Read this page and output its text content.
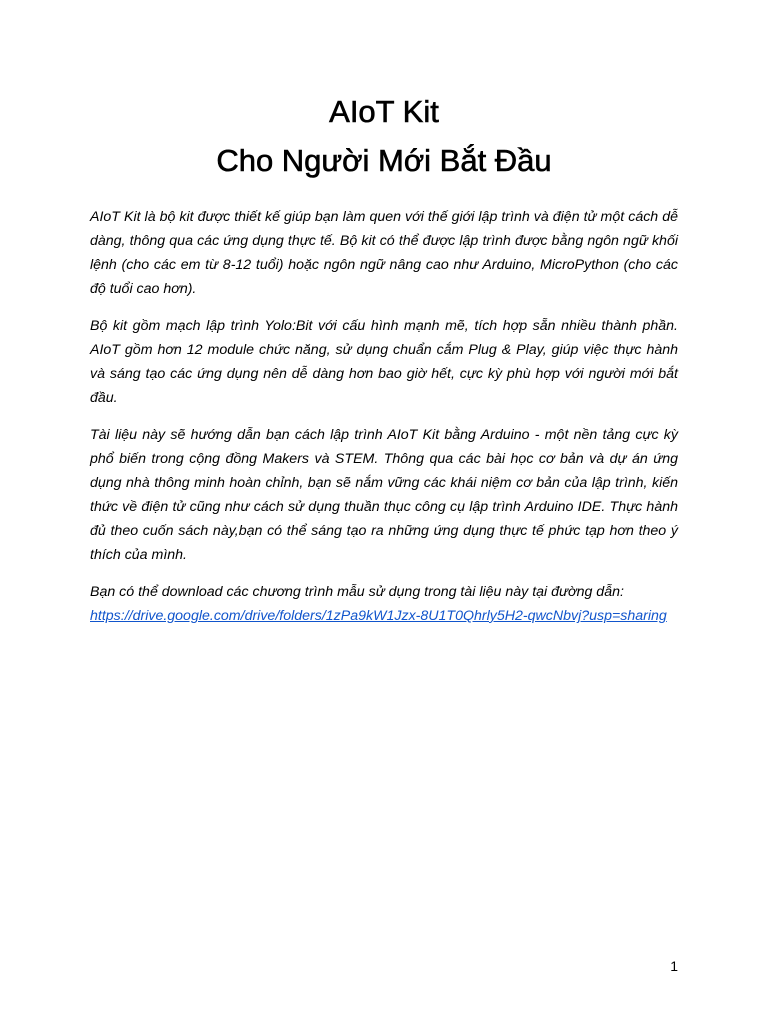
AIoT Kit
Cho Người Mới Bắt Đầu

AIoT Kit là bộ kit được thiết kế giúp bạn làm quen với thế giới lập trình và điện tử một cách dễ dàng, thông qua các ứng dụng thực tế. Bộ kit có thể được lập trình được bằng ngôn ngữ khối lệnh (cho các em từ 8-12 tuổi) hoặc ngôn ngữ nâng cao như Arduino, MicroPython (cho các độ tuổi cao hơn).

Bộ kit gồm mạch lập trình Yolo:Bit với cấu hình mạnh mẽ, tích hợp sẵn nhiều thành phần. AIoT gồm hơn 12 module chức năng, sử dụng chuẩn cắm Plug & Play, giúp việc thực hành và sáng tạo các ứng dụng nên dễ dàng hơn bao giờ hết, cực kỳ phù hợp với người mới bắt đầu.

Tài liệu này sẽ hướng dẫn bạn cách lập trình AIoT Kit bằng Arduino - một nền tảng cực kỳ phổ biến trong cộng đồng Makers và STEM. Thông qua các bài học cơ bản và dự án ứng dụng nhà thông minh hoàn chỉnh, bạn sẽ nắm vững các khái niệm cơ bản của lập trình, kiến thức về điện tử cũng như cách sử dụng thuần thục công cụ lập trình Arduino IDE. Thực hành đủ theo cuốn sách này,bạn có thể sáng tạo ra những ứng dụng thực tế phức tạp hơn theo ý thích của mình.

Bạn có thể download các chương trình mẫu sử dụng trong tài liệu này tại đường dẫn:
https://drive.google.com/drive/folders/1zPa9kW1Jzx-8U1T0Qhrly5H2-qwcNbvj?usp=sharing

1
